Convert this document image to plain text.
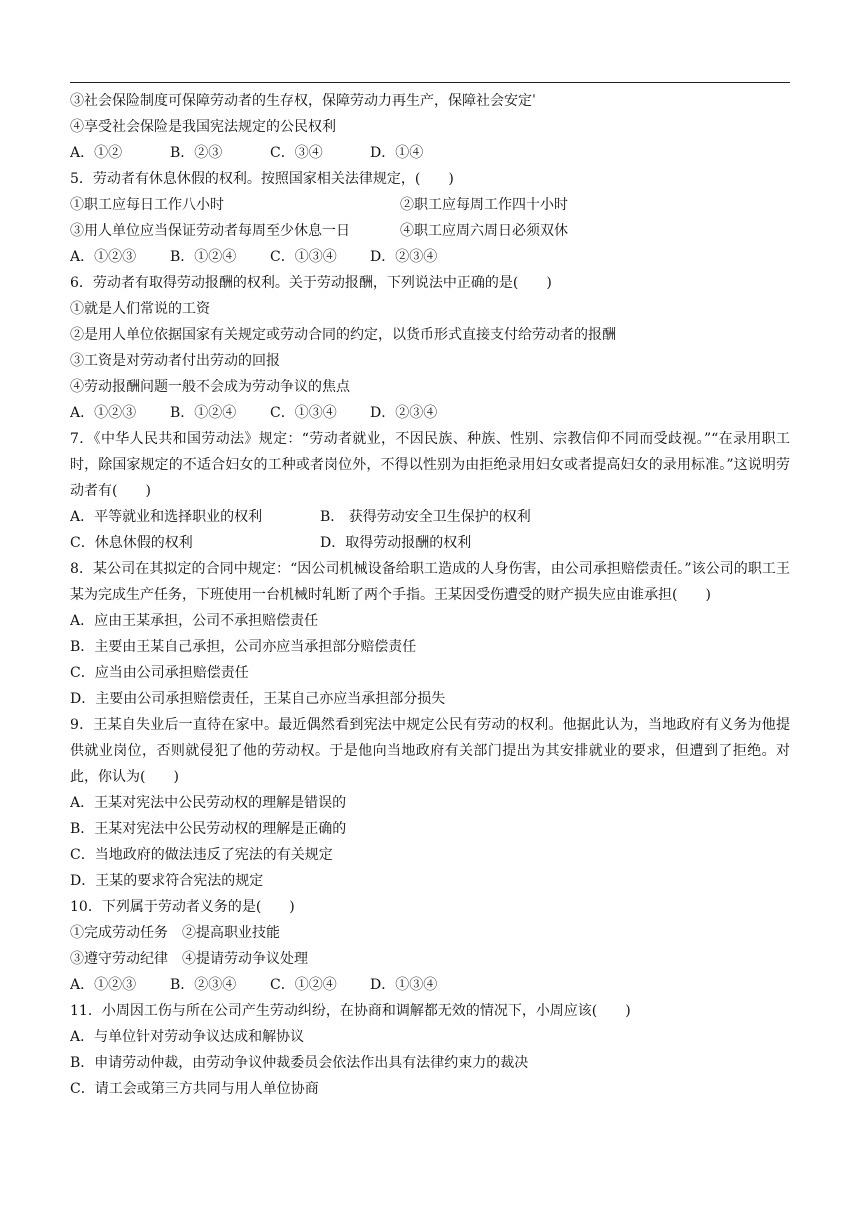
③社会保险制度可保障劳动者的生存权，保障劳动力再生产，保障社会安定ˈ
④享受社会保险是我国宪法规定的公民权利
A．①②	B．②③	C．③④	D．①④
5．劳动者有休息休假的权利。按照国家相关法律规定，(　　)
①职工应每日工作八小时	②职工应每周工作四十小时
③用人单位应当保证劳动者每周至少休息一日	④职工应周六周日必须双休
A．①②③ B．①②④ C．①③④ D．②③④
6．劳动者有取得劳动报酬的权利。关于劳动报酬，下列说法中正确的是(　　)
①就是人们常说的工资
②是用人单位依据国家有关规定或劳动合同的约定，以货币形式直接支付给劳动者的报酬
③工资是对劳动者付出劳动的回报
④劳动报酬问题一般不会成为劳动争议的焦点
A．①②③ B．①②④ C．①③④ D．②③④
7．《中华人民共和国劳动法》规定：“劳动者就业，不因民族、种族、性别、宗教信仰不同而受歧视。”“在录用职工时，除国家规定的不适合妇女的工种或者岗位外，不得以性别为由拒绝录用妇女或者提高妇女的录用标准。”这说明劳动者有(　　)
A．平等就业和选择职业的权利	B． 获得劳动安全卫生保护的权利
C．休息休假的权利	D．取得劳动报酬的权利
8．某公司在其拟定的合同中规定：“因公司机械设备给职工造成的人身伤害，由公司承担赔偿责任。”该公司的职工王某为完成生产任务，下班使用一台机械时轧断了两个手指。王某因受伤遭受的财产损失应由谁承担(　　)
A．应由王某承担，公司不承担赔偿责任
B．主要由王某自己承担，公司亦应当承担部分赔偿责任
C．应当由公司承担赔偿责任
D．主要由公司承担赔偿责任，王某自己亦应当承担部分损失
9．王某自失业后一直待在家中。最近偶然看到宪法中规定公民有劳动的权利。他据此认为，当地政府有义务为他提供就业岗位，否则就侵犯了他的劳动权。于是他向当地政府有关部门提出为其安排就业的要求，但遭到了拒绝。对此，你认为(　　)
A．王某对宪法中公民劳动权的理解是错误的
B．王某对宪法中公民劳动权的理解是正确的
C．当地政府的做法违反了宪法的有关规定
D．王某的要求符合宪法的规定
10．下列属于劳动者义务的是(　　)
①完成劳动任务　②提高职业技能
③遵守劳动纪律　④提请劳动争议处理
A．①②③ B．②③④ C．①②④ D．①③④
11．小周因工伤与所在公司产生劳动纠纷，在协商和调解都无效的情况下，小周应该(　　)
A．与单位针对劳动争议达成和解协议
B．申请劳动仲裁，由劳动争议仲裁委员会依法作出具有法律约束力的裁决
C．请工会或第三方共同与用人单位协商
